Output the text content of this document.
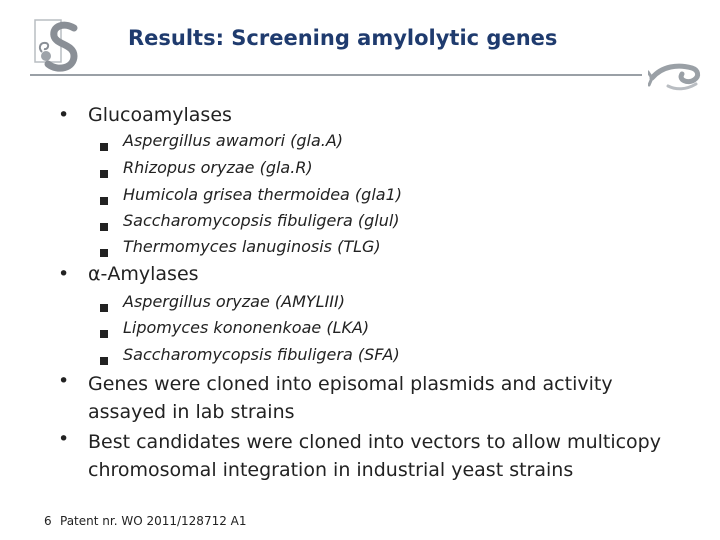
Results: Screening amylolytic genes
• Glucoamylases
Aspergillus awamori (gla.A)
Rhizopus oryzae (gla.R)
Humicola grisea thermoidea (gla1)
Saccharomycopsis fibuligera (glul)
Thermomyces lanuginosis (TLG)
• α-Amylases
Aspergillus oryzae (AMYLIII)
Lipomyces kononenkoae (LKA)
Saccharomycopsis fibuligera (SFA)
• Genes were cloned into episomal plasmids and activity assayed in lab strains
• Best candidates were cloned into vectors to allow multicopy chromosomal integration in industrial yeast strains
6 Patent nr. WO 2011/128712 A1
